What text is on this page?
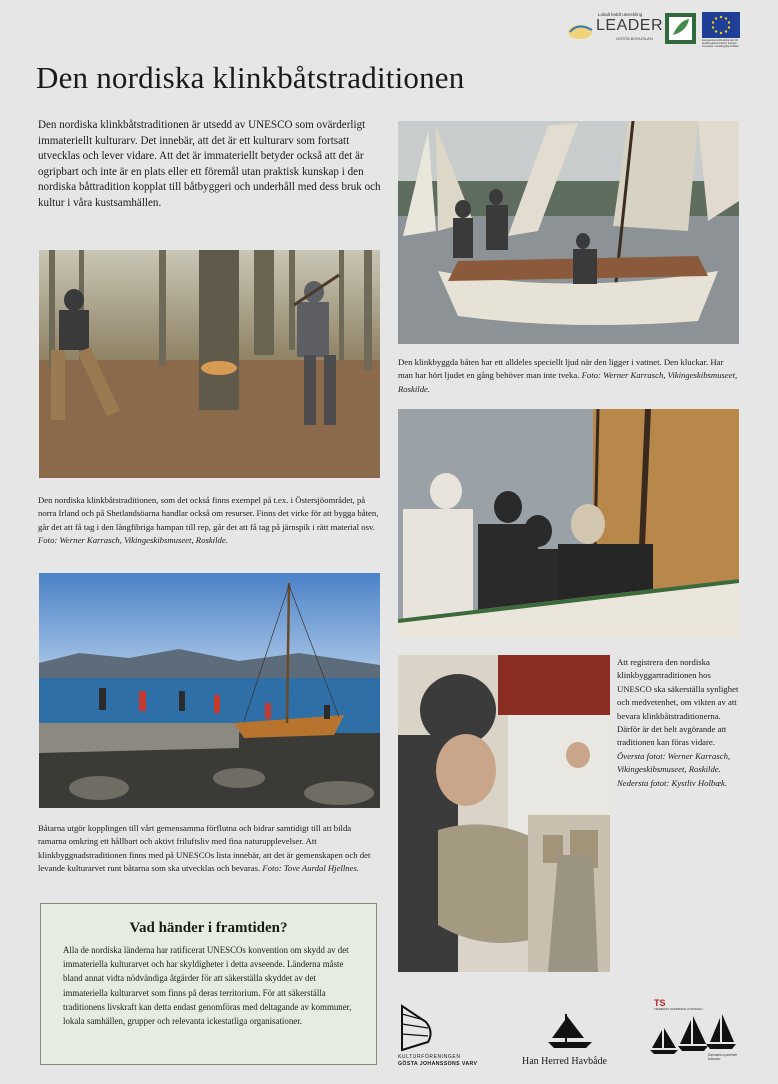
Lokalt leddt utveckling
LEADER
GÖSTA BOHUSLÄN	Europeiska jordbruksfonden för landsbygdsutveckling: Europa investerar i landsbygdsområden
Den nordiska klinkbåtstraditionen
Den nordiska klinkbåtstraditionen är utsedd av UNESCO som ovärderligt immateriellt kulturarv. Det innebär, att det är ett kulturarv som fortsatt utvecklas och lever vidare. Att det är immateriellt betyder också att det är ogripbart och inte är en plats eller ett föremål utan praktisk kunskap i den nordiska båttradition kopplat till båtbyggeri och underhåll med dess bruk och kultur i våra kustsamhällen.
Den nordiska klinkbåtstraditionen, som det också finns exempel på t.ex. i Östersjöområdet, på norra Irland och på Shetlandsöarna handlar också om resurser. Finns det virke för att bygga båten, går det att få tag i den långfibriga hampan till rep, går det att få tag på järnspik i rätt material osv. Foto: Werner Karrasch, Vikingeskibsmuseet, Roskilde.
Båtarna utgör kopplingen till vårt gemensamma förflutna och bidrar samtidigt till att bilda ramarna omkring ett hållbart och aktivt friluftsliv med fina naturupplevelser. Att klinkbyggnadstraditionen finns med på UNESCOs lista innebär, att det är gemenskapen och det levande kulturarvet runt båtarna som ska utvecklas och bevaras. Foto: Tove Aurdal Hjellnes.
Vad händer i framtiden?

Alla de nordiska länderna har ratificerat UNESCOs konvention om skydd av det immateriella kulturarvet och har skyldigheter i detta avseende. Länderna måste bland annat vidta nödvändiga åtgärder för att säkerställa skyddet av det immateriella kulturarvet som finns på deras territorium. För att säkerställa traditionens livskraft kan detta endast genomföras med deltagande av kommuner, lokala samhällen, grupper och relevanta ickestatliga organisationer.

Den klinkbyggda båten har ett alldeles speciellt ljud när den ligger i vattnet. Den kluckar. Har man har hört ljudet en gång behöver man inte tveka. Foto: Werner Karrasch, Vikingeskibsmuseet, Roskilde.
Att registrera den nordiska klinkbyggartraditionen hos UNESCO ska säkerställa synlighet och medvetenhet, om vikten av att bevara klinkbåtstraditionerna. Därför är det helt avgörande att traditionen kan föras vidare. Översta fotot: Werner Karrasch, Vikingeskibsmuseet, Roskilde. Nedersta fotot: Kystliv Holbæk.
KULTURFÖRENINGEN
GÖSTA JOHANSSONS VARV	Han Herred Havbåde
TS
TRÆBÅDS SAMMENSLUTNINGEN
Danmarks nyskende kulturarv
